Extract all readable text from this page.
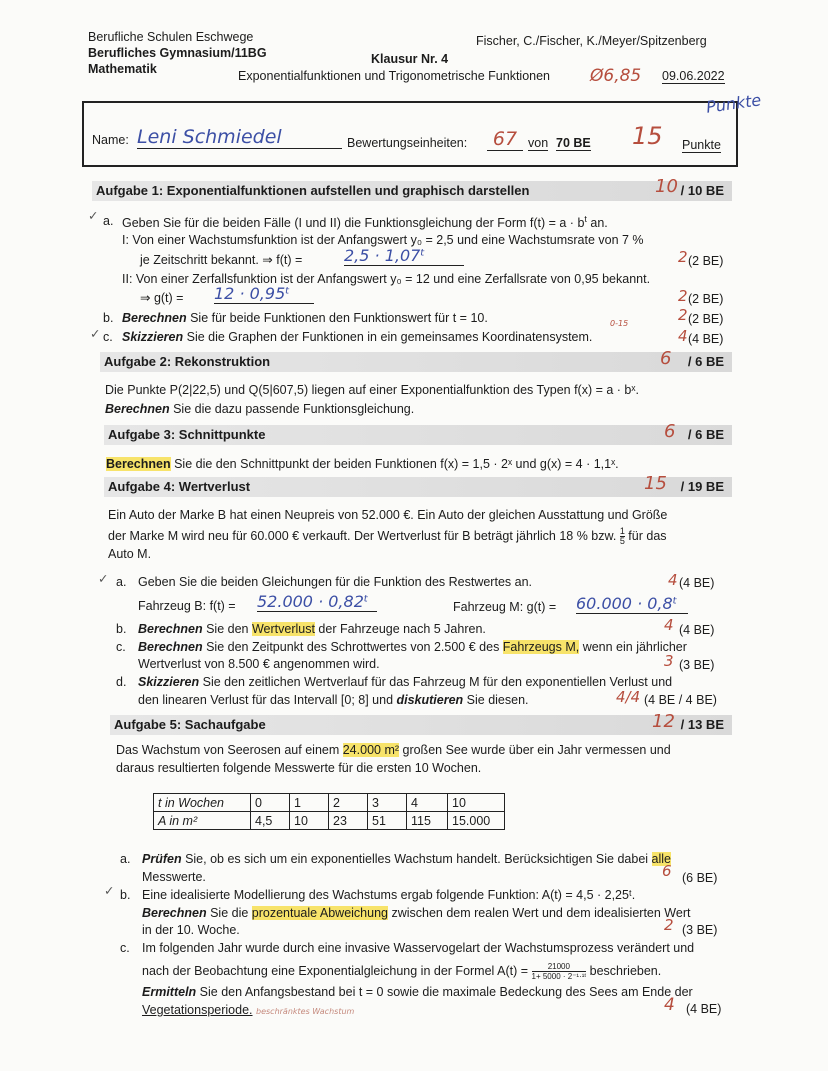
Berufliche Schulen Eschwege
Berufliches Gymnasium/11BG
Mathematik
Klausur Nr. 4
Fischer, C./Fischer, K./Meyer/Spitzenberg
Exponentialfunktionen und Trigonometrische Funktionen Ø6,85 09.06.2022
Name: Leni Schmiedel	Bewertungseinheiten:	67 von 70 BE 15 Punkte
Punkte
Aufgabe 1: Exponentialfunktionen aufstellen und graphisch darstellen	/ 10 BE
10
✓ a. Geben Sie für die beiden Fälle (I und II) die Funktionsgleichung der Form $f(t) = a \cdot b^t$ an.
I: Von einer Wachstumsfunktion ist der Anfangswert y₀ = 2,5 und eine Wachstumsrate von 7 %
je Zeitschritt bekannt. ⇒ f(t) =	2,5 · 1,07ᵗ	2 (2 BE)
II: Von einer Zerfallsfunktion ist der Anfangswert y₀ = 12 und eine Zerfallsrate von 0,95 bekannt.
⇒ g(t) = 12 · 0,95ᵗ	2 (2 BE)
b. Berechnen Sie für beide Funktionen den Funktionswert für t = 10.	2 (2 BE)
✓ c. Skizzieren Sie die Graphen der Funktionen in ein gemeinsames Koordinatensystem.
0-15
4 (4 BE)
Aufgabe 2: Rekonstruktion	/ 6 BE
6
Die Punkte P(2|22,5) und Q(5|607,5) liegen auf einer Exponentialfunktion des Typen f(x) = a · bˣ.
Berechnen Sie die dazu passende Funktionsgleichung.
Aufgabe 3: Schnittpunkte	/ 6 BE
6
Berechnen Sie die den Schnittpunkt der beiden Funktionen f(x) = 1,5 · 2ˣ und g(x) = 4 · 1,1ˣ.
Aufgabe 4: Wertverlust	/ 19 BE
15
Ein Auto der Marke B hat einen Neupreis von 52.000 €. Ein Auto der gleichen Ausstattung und Größe
der Marke M wird neu für 60.000 € verkauft. Der Wertverlust für B beträgt jährlich 18 % bzw. $\frac{1}{5}$ für das
Auto M.
✓ a. Geben Sie die beiden Gleichungen für die Funktion des Restwertes an.	4 (4 BE)
Fahrzeug B: f(t) = 52.000 · 0,82ᵗ	Fahrzeug M: g(t) = 60.000 · 0,8ᵗ
b. Berechnen Sie den Wertverlust der Fahrzeuge nach 5 Jahren.	4 (4 BE)
c. Berechnen Sie den Zeitpunkt des Schrottwertes von 2.500 € des Fahrzeugs M, wenn ein jährlicher
Wertverlust von 8.500 € angenommen wird.	3 (3 BE)
d. Skizzieren Sie den zeitlichen Wertverlauf für das Fahrzeug M für den exponentiellen Verlust und
den linearen Verlust für das Intervall [0; 8] und diskutieren Sie diesen.	4/4 (4 BE / 4 BE)
Aufgabe 5: Sachaufgabe	/ 13 BE
12
Das Wachstum von Seerosen auf einem 24.000 m² großen See wurde über ein Jahr vermessen und
daraus resultierten folgende Messwerte für die ersten 10 Wochen.
t in Wochen	0	1	2	3	4	10
A in m²	4,5	10	23	51	115	15.000
a. Prüfen Sie, ob es sich um ein exponentielles Wachstum handelt. Berücksichtigen Sie dabei alle
Messwerte.	6 (6 BE)
✓ b. Eine idealisierte Modellierung des Wachstums ergab folgende Funktion: A(t) = 4,5 · 2,25ᵗ.
Berechnen Sie die prozentuale Abweichung zwischen dem realen Wert und dem idealisierten Wert
in der 10. Woche.	2 (3 BE)
c. Im folgenden Jahr wurde durch eine invasive Wasservogelart der Wachstumsprozess verändert und
nach der Beobachtung eine Exponentialgleichung in der Formel $A(t) = \frac{21000}{\text{1+ 5000 · 2⁻¹·¹ᵗ}}$ beschrieben.
Ermitteln Sie den Anfangsbestand bei t = 0 sowie die maximale Bedeckung des Sees am Ende der
Vegetationsperiode. beschränktes Wachstum	4 (4 BE)
